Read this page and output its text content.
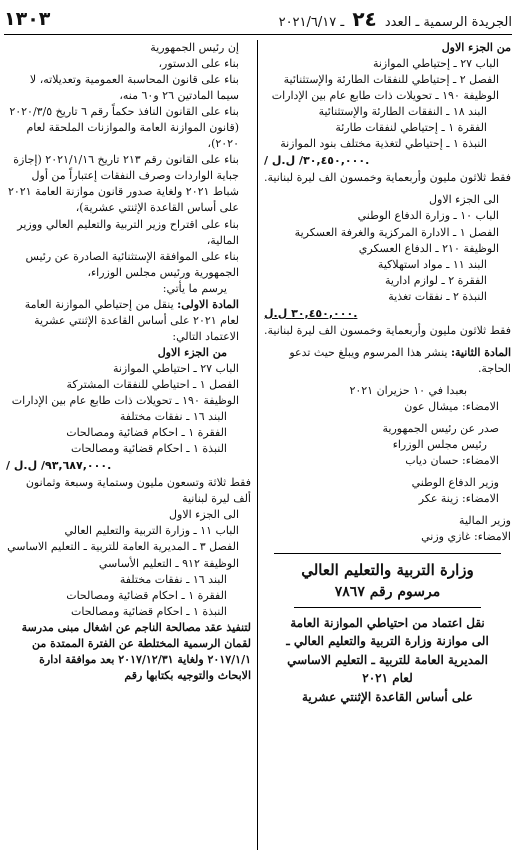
الجريدة الرسمية ـ العدد ٢٤ ـ ٢٠٢١/٦/١٧
١٣٠٣

من الجزء الاول

الباب ٢٧ ـ إحتياطي الموازنة

الفصل ٢ ـ إحتياطي للنفقات الطارئة والإستثنائية

الوظيفة ١٩٠ ـ تحويلات ذات طابع عام بين الإدارات

البند ١٨ ـ النفقات الطارئة والإستثنائية

الفقرة ١ ـ إحتياطي لنفقات طارئة

النبذة ١ ـ إحتياطي لتغذية مختلف بنود الموازنة

/ ٣٠,٤٥٠,٠٠٠/ ل.ل.

فقط ثلاثون مليون وأربعماية وخمسون الف ليرة لبنانية.

الى الجزء الاول

الباب ١٠ ـ وزارة الدفاع الوطني

الفصل ١ ـ الادارة المركزية والغرفة العسكرية

الوظيفة ٢١٠ ـ الدفاع العسكري

البند ١١ ـ مواد استهلاكية

الفقرة ٢ ـ لوازم ادارية

النبذة ٢ ـ نفقات تغذية

٣٠,٤٥٠,٠٠٠ ل.ل.

فقط ثلاثون مليون وأربعماية وخمسون الف ليرة لبنانية.

المادة الثانية: ينشر هذا المرسوم ويبلغ حيث تدعو الحاجة.

بعبدا في ١٠ حزيران ٢٠٢١

الامضاء: ميشال عون

صدر عن رئيس الجمهورية

رئيس مجلس الوزراء

الامضاء: حسان دياب

وزير الدفاع الوطني

الامضاء: زينة عكر

وزير المالية

الامضاء: غازي وزني

وزارة التربية والتعليم العالي

مرسوم رقم ٧٨٦٧

نقل اعتماد من احتياطي الموازنة العامة

الى موازنة وزارة التربية والتعليم العالي ـ

المديرية العامة للتربية ـ التعليم الاساسي

لعام ٢٠٢١

على أساس القاعدة الإثنتي عشرية

إن رئيس الجمهورية

بناء على الدستور،

بناء على قانون المحاسبة العمومية وتعديلاته، لا سيما المادتين ٢٦ و٦٠ منه،

بناء على القانون النافذ حكماً رقم ٦ تاريخ ٢٠٢٠/٣/٥ (قانون الموازنة العامة والموازنات الملحقة لعام ٢٠٢٠)،

بناء على القانون رقم ٢١٣ تاريخ ٢٠٢١/١/١٦ (إجازة جباية الواردات وصرف النفقات إعتباراً من أول شباط ٢٠٢١ ولغاية صدور قانون موازنة العامة ٢٠٢١ على أساس القاعدة الإثنتي عشرية)،

بناء على اقتراح وزير التربية والتعليم العالي ووزير المالية،

بناء على الموافقة الإستثنائية الصادرة عن رئيس الجمهورية ورئيس مجلس الوزراء،

يرسم ما يأتي:

المادة الاولى: ينقل من إحتياطي الموازنة العامة لعام ٢٠٢١ على أساس القاعدة الإثنتي عشرية الاعتماد التالي:

من الجزء الاول

الباب ٢٧ ـ احتياطي الموازنة

الفصل ١ ـ احتياطي للنفقات المشتركة

الوظيفة ١٩٠ ـ تحويلات ذات طابع عام بين الإدارات

البند ١٦ ـ نفقات مختلفة

الفقرة ١ ـ احكام قضائية ومصالحات

النبذة ١ ـ احكام قضائية ومصالحات

/ ٩٣,٦٨٧,٠٠٠/ ل.ل.

فقط ثلاثة وتسعون مليون وستماية وسبعة وثمانون ألف ليرة لبنانية

الى الجزء الاول

الباب ١١ ـ وزارة التربية والتعليم العالي

الفصل ٣ ـ المديرية العامة للتربية ـ التعليم الاساسي

الوظيفة ٩١٢ ـ التعليم الأساسي

البند ١٦ ـ نفقات مختلفة

الفقرة ١ ـ احكام قضائية ومصالحات

النبذة ١ ـ احكام قضائية ومصالحات

لتنفيذ عقد مصالحة الناجم عن اشغال مبنى مدرسة لقمان الرسمية المختلطة عن الفترة الممتدة من ٢٠١٧/١/١ ولغاية ٢٠١٧/١٢/٣١ بعد موافقة ادارة الابحاث والتوجيه بكتابها رقم
